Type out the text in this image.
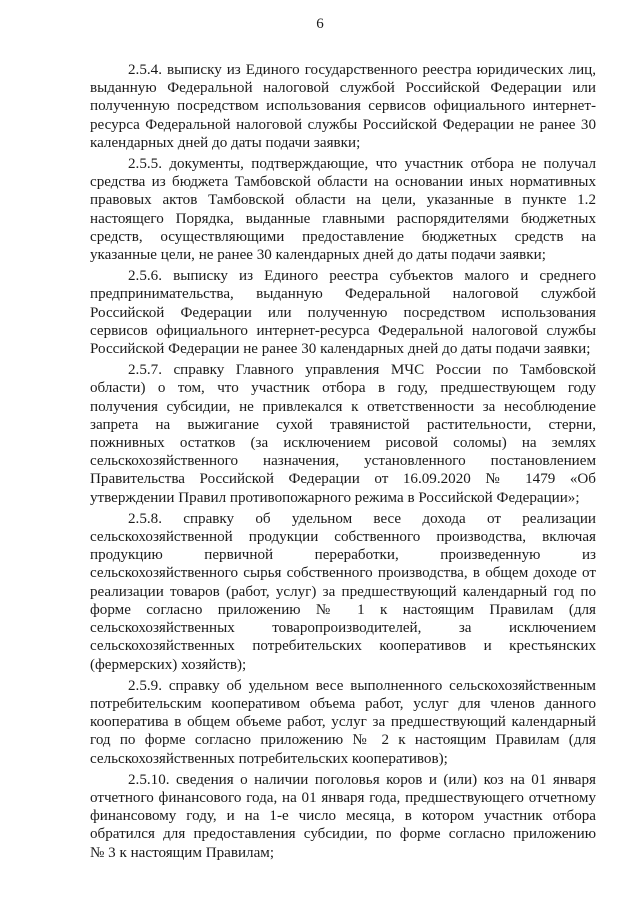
6
2.5.4. выписку из Единого государственного реестра юридических лиц,
выданную Федеральной налоговой службой Российской Федерации или
полученную посредством использования сервисов официального интернет-
ресурса Федеральной налоговой службы Российской Федерации не ранее 30
календарных дней до даты подачи заявки;
2.5.5. документы, подтверждающие, что участник отбора не получал
средства из бюджета Тамбовской области на основании иных нормативных
правовых актов Тамбовской области на цели, указанные в пункте 1.2
настоящего Порядка, выданные главными распорядителями бюджетных
средств, осуществляющими предоставление бюджетных средств на
указанные цели, не ранее 30 календарных дней до даты подачи заявки;
2.5.6. выписку из Единого реестра субъектов малого и среднего
предпринимательства, выданную Федеральной налоговой службой
Российской Федерации или полученную посредством использования
сервисов официального интернет-ресурса Федеральной налоговой службы
Российской Федерации не ранее 30 календарных дней до даты подачи заявки;
2.5.7. справку Главного управления МЧС России по Тамбовской
области) о том, что участник отбора в году, предшествующем году
получения субсидии, не привлекался к ответственности за несоблюдение
запрета на выжигание сухой травянистой растительности, стерни,
пожнивных остатков (за исключением рисовой соломы) на землях
сельскохозяйственного назначения, установленного постановлением
Правительства Российской Федерации от 16.09.2020 № 1479 «Об
утверждении Правил противопожарного режима в Российской Федерации»;
2.5.8. справку об удельном весе дохода от реализации
сельскохозяйственной продукции собственного производства, включая
продукцию первичной переработки, произведенную из
сельскохозяйственного сырья собственного производства, в общем доходе от
реализации товаров (работ, услуг) за предшествующий календарный год по
форме согласно приложению № 1 к настоящим Правилам (для
сельскохозяйственных товаропроизводителей, за исключением
сельскохозяйственных потребительских кооперативов и крестьянских
(фермерских) хозяйств);
2.5.9. справку об удельном весе выполненного сельскохозяйственным
потребительским кооперативом объема работ, услуг для членов данного
кооператива в общем объеме работ, услуг за предшествующий календарный
год по форме согласно приложению № 2 к настоящим Правилам (для
сельскохозяйственных потребительских кооперативов);
2.5.10. сведения о наличии поголовья коров и (или) коз на 01 января
отчетного финансового года, на 01 января года, предшествующего отчетному
финансовому году, и на 1-е число месяца, в котором участник отбора
обратился для предоставления субсидии, по форме согласно приложению
№ 3 к настоящим Правилам;
